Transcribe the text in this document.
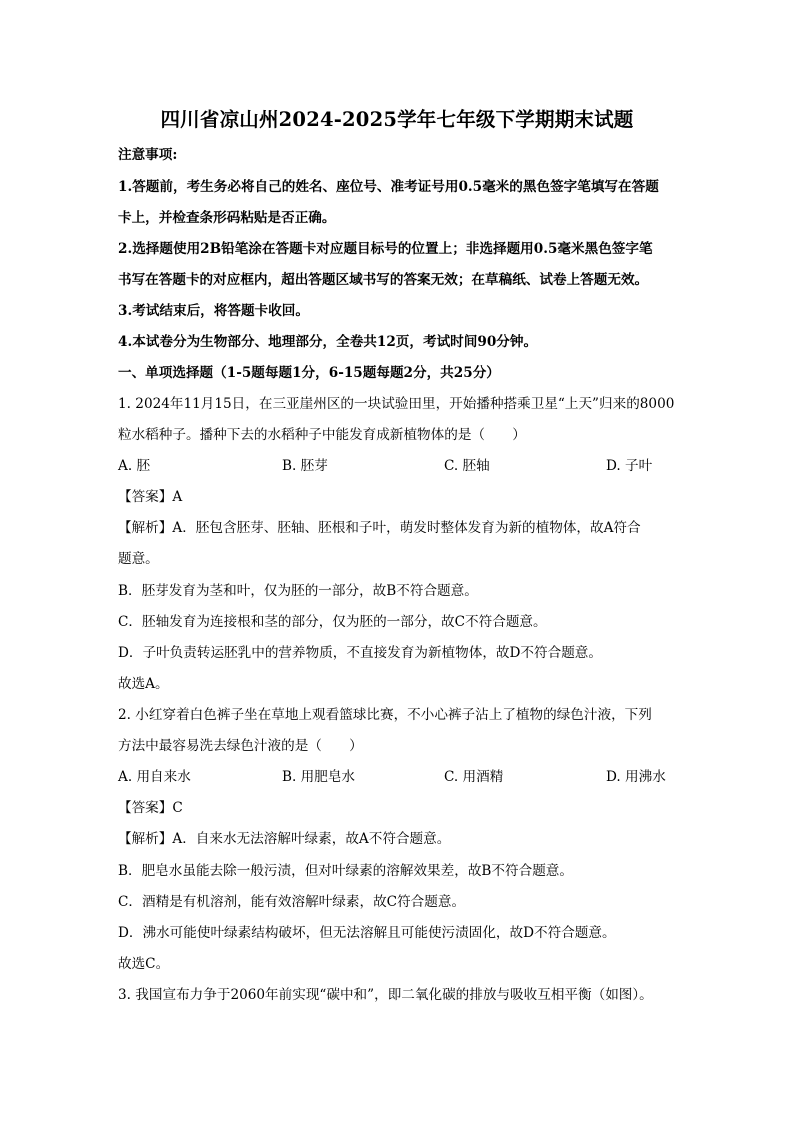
四川省凉山州2024-2025学年七年级下学期期末试题
注意事项:
1.答题前，考生务必将自己的姓名、座位号、准考证号用0.5毫米的黑色签字笔填写在答题
卡上，并检查条形码粘贴是否正确。
2.选择题使用2B铅笔涂在答题卡对应题目标号的位置上；非选择题用0.5毫米黑色签字笔
书写在答题卡的对应框内，超出答题区域书写的答案无效；在草稿纸、试卷上答题无效。
3.考试结束后，将答题卡收回。
4.本试卷分为生物部分、地理部分，全卷共12页，考试时间90分钟。
一、单项选择题（1-5题每题1分，6-15题每题2分，共25分）
1. 2024年11月15日，在三亚崖州区的一块试验田里，开始播种搭乘卫星“上天”归来的8000
粒水稻种子。播种下去的水稻种子中能发育成新植物体的是（　　）
A. 胚	B. 胚芽	C. 胚轴	D. 子叶
【答案】A
【解析】A．胚包含胚芽、胚轴、胚根和子叶，萌发时整体发育为新的植物体，故A符合
题意。
B．胚芽发育为茎和叶，仅为胚的一部分，故B不符合题意。
C．胚轴发育为连接根和茎的部分，仅为胚的一部分，故C不符合题意。
D．子叶负责转运胚乳中的营养物质，不直接发育为新植物体，故D不符合题意。
故选A。
2. 小红穿着白色裤子坐在草地上观看篮球比赛，不小心裤子沾上了植物的绿色汁液，下列
方法中最容易洗去绿色汁液的是（　　）
A. 用自来水	B. 用肥皂水	C. 用酒精	D. 用沸水
【答案】C
【解析】A．自来水无法溶解叶绿素，故A不符合题意。
B．肥皂水虽能去除一般污渍，但对叶绿素的溶解效果差，故B不符合题意。
C．酒精是有机溶剂，能有效溶解叶绿素，故C符合题意。
D．沸水可能使叶绿素结构破坏，但无法溶解且可能使污渍固化，故D不符合题意。
故选C。
3. 我国宣布力争于2060年前实现“碳中和”，即二氧化碳的排放与吸收互相平衡（如图）。
